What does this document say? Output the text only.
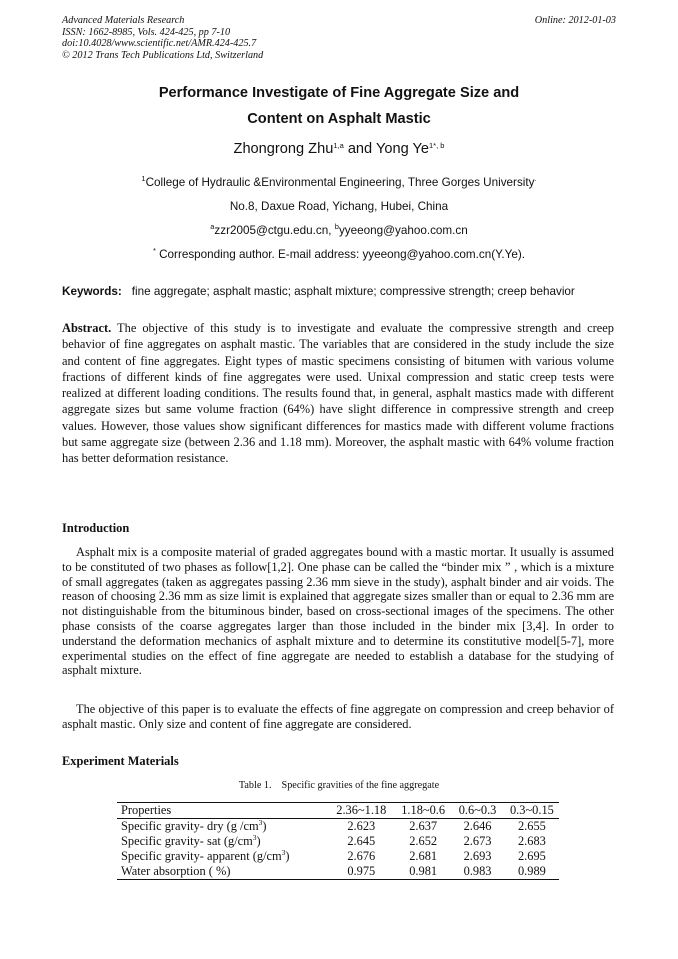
Advanced Materials Research
ISSN: 1662-8985, Vols. 424-425, pp 7-10
doi:10.4028/www.scientific.net/AMR.424-425.7
© 2012 Trans Tech Publications Ltd, Switzerland
Online: 2012-01-03
Performance Investigate of Fine Aggregate Size and
Content on Asphalt Mastic
Zhongrong Zhu$^{1,a}$ and Yong $Ye^{1*, b}$
$^1$College of Hydraulic &Environmental Engineering, Three Gorges University.
No.8, Daxue Road, Yichang, Hubei, China
$^a$zzr2005@ctgu.edu.cn, $^b$yyeeong@yahoo.com.cn
* Corresponding author. E-mail address: yyeeong@yahoo.com.cn(Y.Ye).
Keywords: fine aggregate; asphalt mastic; asphalt mixture; compressive strength; creep behavior
Abstract. The objective of this study is to investigate and evaluate the compressive strength and creep behavior of fine aggregates on asphalt mastic. The variables that are considered in the study include the size and content of fine aggregates. Eight types of mastic specimens consisting of bitumen with various volume fractions of different kinds of fine aggregates were used. Unixal compression and static creep tests were realized at different loading conditions. The results found that, in general, asphalt mastics made with different aggregate sizes but same volume fraction (64%) have slight difference in compressive strength and creep values. However, those values show significant differences for mastics made with different volume fractions but same aggregate size (between 2.36 and 1.18 mm). Moreover, the asphalt mastic with 64% volume fraction has better deformation resistance.
Introduction
Asphalt mix is a composite material of graded aggregates bound with a mastic mortar. It usually is assumed to be constituted of two phases as follow[1,2]. One phase can be called the “binder mix ” , which is a mixture of small aggregates (taken as aggregates passing 2.36 mm sieve in the study), asphalt binder and air voids. The reason of choosing 2.36 mm as size limit is explained that aggregate sizes smaller than or equal to 2.36 mm are not distinguishable from the bituminous binder, based on cross-sectional images of the specimens. The other phase consists of the coarse aggregates larger than those included in the binder mix [3,4]. In order to understand the deformation mechanics of asphalt mixture and to determine its constitutive model[5-7], more experimental studies on the effect of fine aggregate are needed to establish a database for the studying of asphalt mixture.
The objective of this paper is to evaluate the effects of fine aggregate on compression and creep behavior of asphalt mastic. Only size and content of fine aggregate are considered.
Experiment Materials
Table 1. Specific gravities of the fine aggregate
Properties	2.36~1.18	1.18~0.6	0.6~0.3	0.3~0.15
Specific gravity- dry (g $/cm^3$)	2.623	2.637	2.646	2.655
Specific gravity- sat $(g/cm^3)$	2.645	2.652	2.673	2.683
Specific gravity- apparent $(g/cm^3)$	2.676	2.681	2.693	2.695
Water absorption ( %)	0.975	0.981	0.983	0.989
